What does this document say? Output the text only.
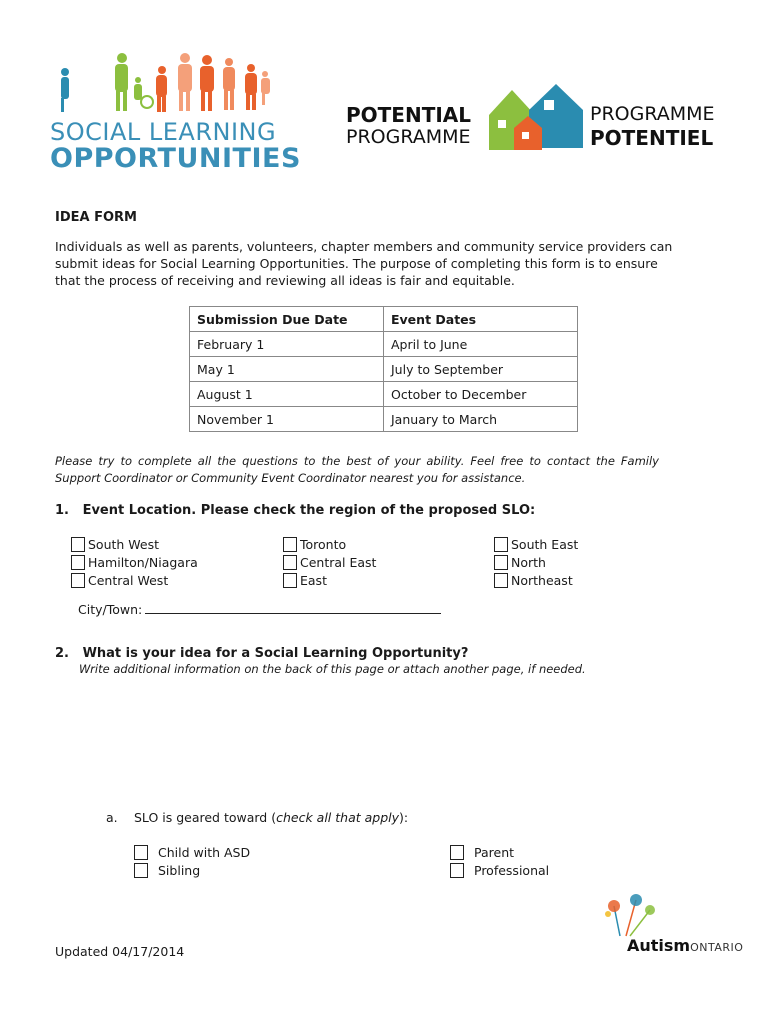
SOCIAL LEARNING
OPPORTUNITIES
POTENTIAL
PROGRAMME
PROGRAMME
POTENTIEL
IDEA FORM
Individuals as well as parents, volunteers, chapter members and community service providers can submit ideas for Social Learning Opportunities. The purpose of completing this form is to ensure that the process of receiving and reviewing all ideas is fair and equitable.
Submission Due Date	Event Dates
February 1	April to June
May 1	July to September
August 1	October to December
November 1	January to March
Please try to complete all the questions to the best of your ability. Feel free to contact the Family Support Coordinator or Community Event Coordinator nearest you for assistance.
1. Event Location. Please check the region of the proposed SLO:
South West
Hamilton/Niagara
Central West
Toronto
Central East
East
South East
North
Northeast
City/Town:
2. What is your idea for a Social Learning Opportunity?
Write additional information on the back of this page or attach another page, if needed.
a. SLO is geared toward (check all that apply):
Child with ASD
Sibling
Parent
Professional
Updated 04/17/2014	AutismONTARIO
